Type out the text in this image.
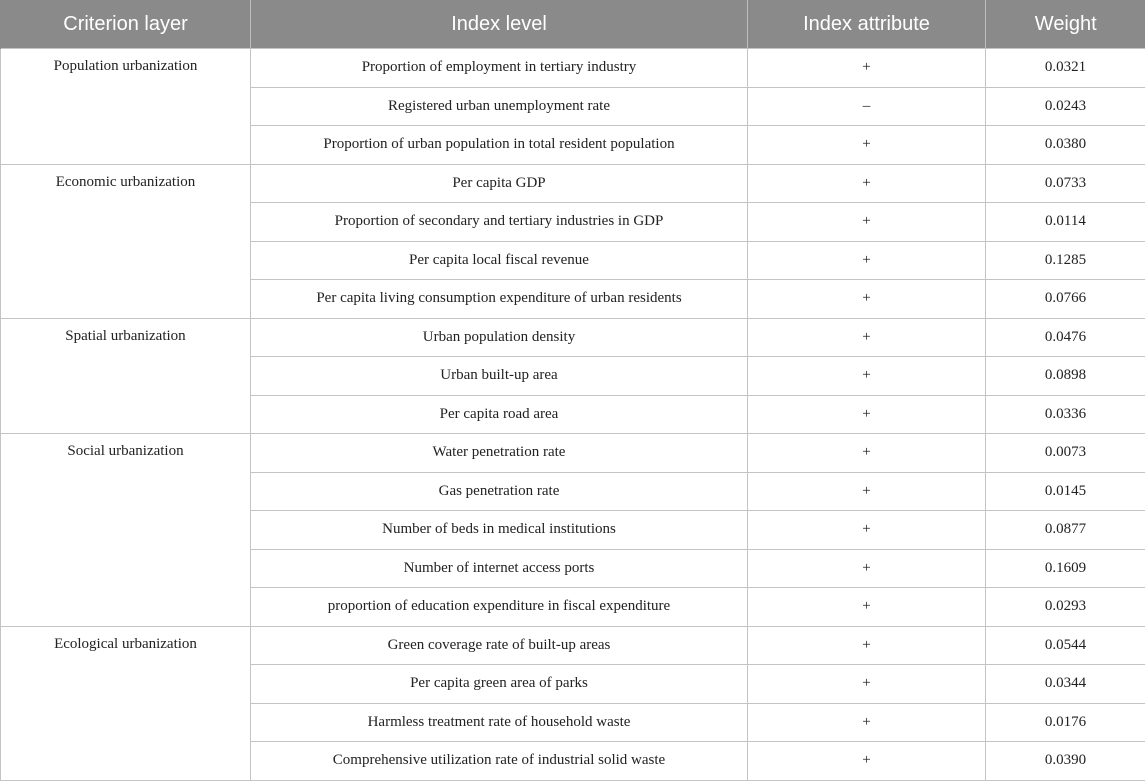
Criterion layer	Index level	Index attribute	Weight
Population urbanization	Proportion of employment in tertiary industry	+	0.0321
	Registered urban unemployment rate	–	0.0243
	Proportion of urban population in total resident population	+	0.0380
Economic urbanization	Per capita GDP	+	0.0733
	Proportion of secondary and tertiary industries in GDP	+	0.0114
	Per capita local fiscal revenue	+	0.1285
	Per capita living consumption expenditure of urban residents	+	0.0766
Spatial urbanization	Urban population density	+	0.0476
	Urban built-up area	+	0.0898
	Per capita road area	+	0.0336
Social urbanization	Water penetration rate	+	0.0073
	Gas penetration rate	+	0.0145
	Number of beds in medical institutions	+	0.0877
	Number of internet access ports	+	0.1609
	proportion of education expenditure in fiscal expenditure	+	0.0293
Ecological urbanization	Green coverage rate of built-up areas	+	0.0544
	Per capita green area of parks	+	0.0344
	Harmless treatment rate of household waste	+	0.0176
	Comprehensive utilization rate of industrial solid waste	+	0.0390
